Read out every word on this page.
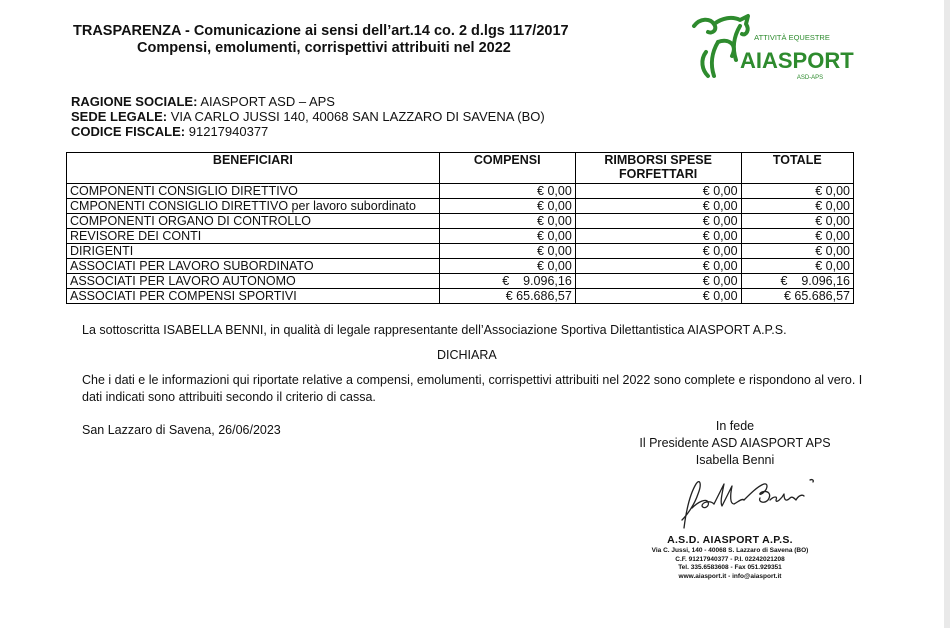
TRASPARENZA - Comunicazione ai sensi dell’art.14 co. 2 d.lgs 117/2017
Compensi, emolumenti, corrispettivi attribuiti nel 2022
ATTIVITÀ EQUESTRE
AIASPORT
ASD-APS
RAGIONE SOCIALE: AIASPORT ASD – APS
SEDE LEGALE: VIA CARLO JUSSI 140, 40068 SAN LAZZARO DI SAVENA (BO)
CODICE FISCALE: 91217940377
BENEFICIARI	COMPENSI	RIMBORSI SPESE FORFETTARI	TOTALE
COMPONENTI CONSIGLIO DIRETTIVO	€ 0,00	€ 0,00	€ 0,00
CMPONENTI CONSIGLIO DIRETTIVO per lavoro subordinato	€ 0,00	€ 0,00	€ 0,00
COMPONENTI ORGANO DI CONTROLLO	€ 0,00	€ 0,00	€ 0,00
REVISORE DEI CONTI	€ 0,00	€ 0,00	€ 0,00
DIRIGENTI	€ 0,00	€ 0,00	€ 0,00
ASSOCIATI PER LAVORO SUBORDINATO	€ 0,00	€ 0,00	€ 0,00
ASSOCIATI PER LAVORO AUTONOMO	€    9.096,16	€ 0,00	€    9.096,16
ASSOCIATI PER COMPENSI SPORTIVI	€ 65.686,57	€ 0,00	€ 65.686,57
La sottoscritta ISABELLA BENNI, in qualità di legale rappresentante dell’Associazione Sportiva Dilettantistica AIASPORT A.P.S.
DICHIARA
Che i dati e le informazioni qui riportate relative a compensi, emolumenti, corrispettivi attribuiti nel 2022 sono complete e rispondono al vero. I dati indicati sono attribuiti secondo il criterio di cassa.
San Lazzaro di Savena, 26/06/2023	In fede
Il Presidente ASD AIASPORT APS
Isabella Benni
A.S.D. AIASPORT A.P.S.
Via C. Jussi, 140 - 40068 S. Lazzaro di Savena (BO)
C.F. 91217940377 - P.I. 02242021208
Tel. 335.6583608 - Fax 051.929351
www.aiasport.it - info@aiasport.it
